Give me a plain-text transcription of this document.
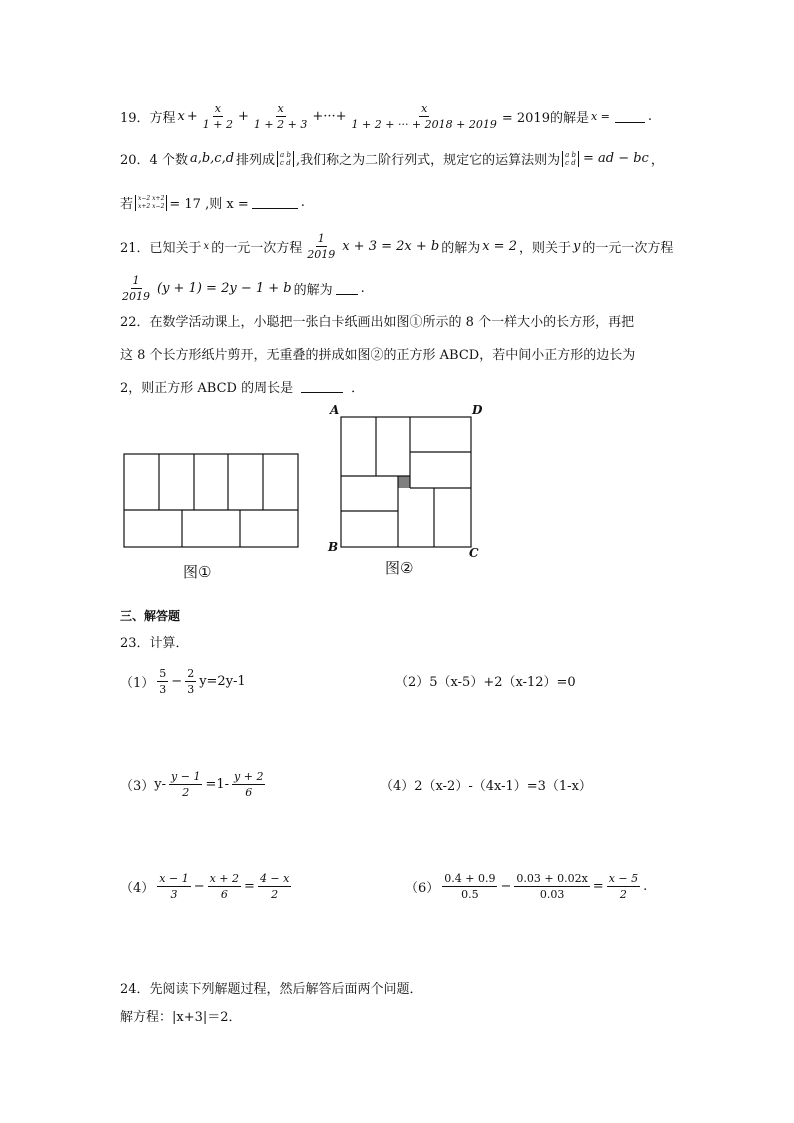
19．方程 $x + \frac{x}{1 + 2} + \frac{x}{1 + 2 + 3}$ +···+ $\frac{x}{1 + 2 + \cdot\cdot\cdot + 2018 + 2019} = 2019$的解是 x =	.
20．4 个数 a,b,c,d 排列成 a b
c d ,我们称之为二阶行列式，规定它的运算法则为 a b
c d = ad − bc ，
若 x−2 x+2
x+2 x−2 = 17 ,则 x =	.
21．已知关于 x 的一元一次方程 $\frac{1}{2019}$ x + 3 = 2x + b 的解为 x = 2 ，则关于 y 的一元一次方程
$\frac{1}{2019} (y + 1) = 2y - 1 + b$ 的解为 .
22．在数学活动课上，小聪把一张白卡纸画出如图①所示的 8 个一样大小的长方形，再把
这 8 个长方形纸片剪开，无重叠的拼成如图②的正方形 ABCD，若中间小正方形的边长为
2，则正方形 ABCD 的周长是	．
图①
A	D
B	C
图②
三、解答题
23．计算．
$(1) \frac{5}{3} - \frac{2}{3} y=2y-1$	（2） 5（x-5）+2（x-12）=0
（3） $y- \frac{y - 1}{2} =1- \frac{y + 2}{6}$	（4） 2（x-2）-（4x-1）=3（1-x）
$(4) \frac{x - 1}{3} - \frac{x + 2}{6} = \frac{4 - x}{2}$	$(6) \frac{0.4 + 0.9}{0.5} - \frac{0.03 + 0.02x}{0.03} = \frac{x - 5}{2}$ .
24．先阅读下列解题过程，然后解答后面两个问题．
解方程：|x+3|＝2．
